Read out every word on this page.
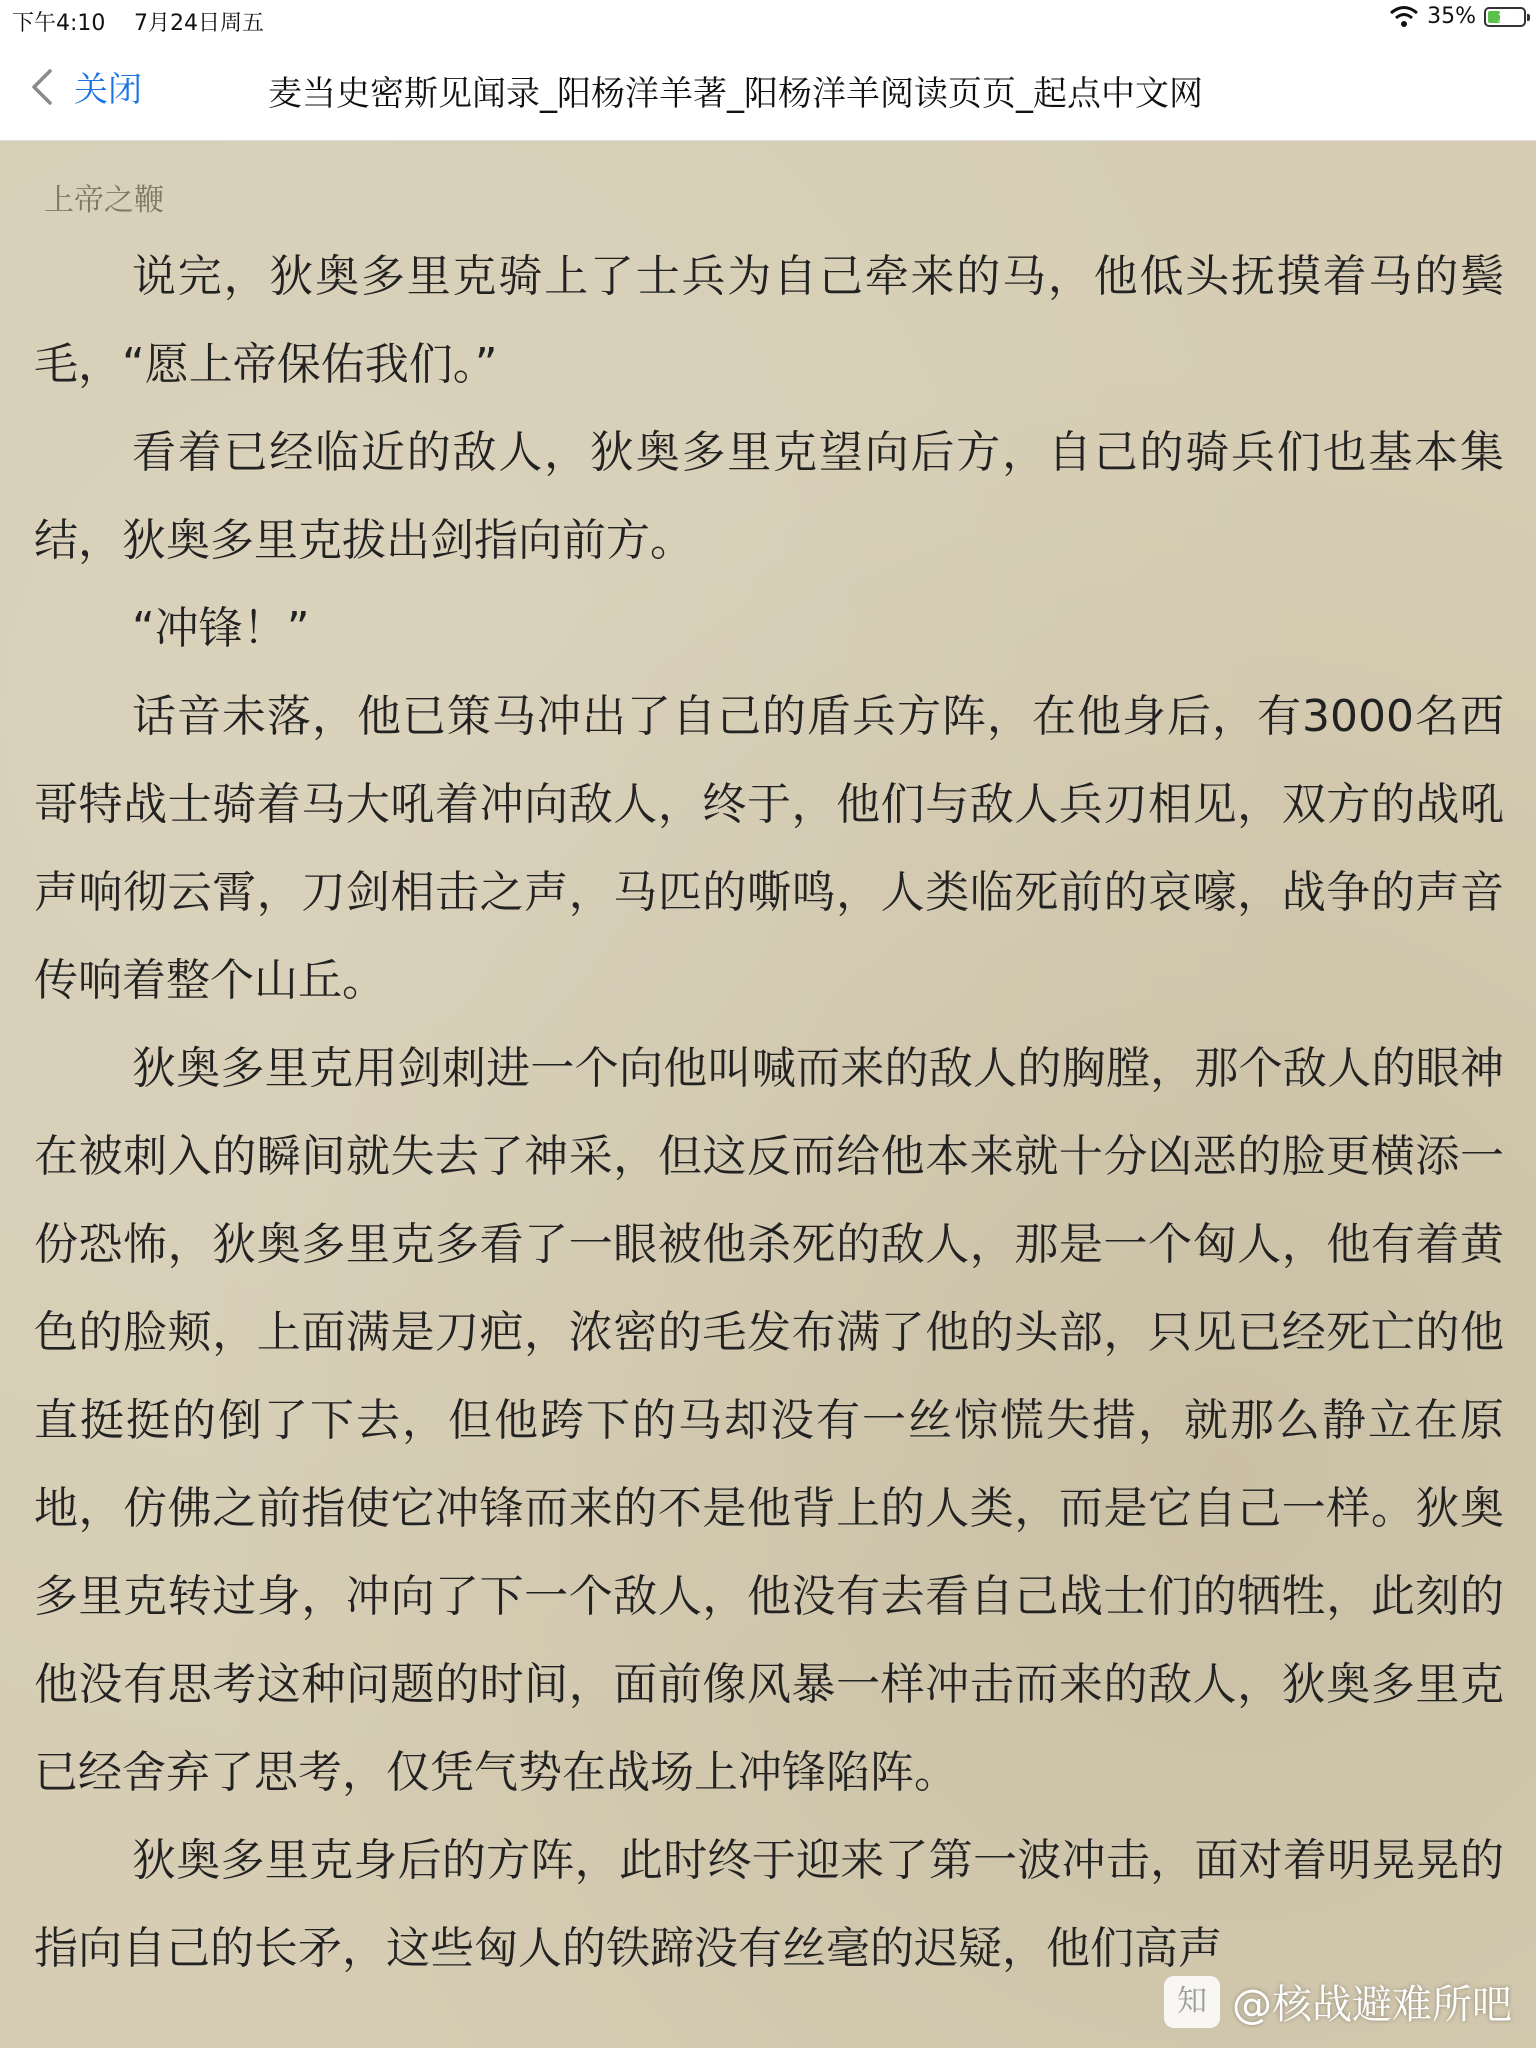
下午4:10 7月24日周五	35% ⚡
关闭	麦当史密斯见闻录_阳杨洋羊著_阳杨洋羊阅读页页_起点中文网
上帝之鞭

说完，狄奥多里克骑上了士兵为自己牵来的马，他低头抚摸着马的鬓毛，“愿上帝保佑我们。”

看着已经临近的敌人，狄奥多里克望向后方，自己的骑兵们也基本集结，狄奥多里克拔出剑指向前方。

“冲锋！”

话音未落，他已策马冲出了自己的盾兵方阵，在他身后，有3000名西哥特战士骑着马大吼着冲向敌人，终于，他们与敌人兵刃相见，双方的战吼声响彻云霄，刀剑相击之声，马匹的嘶鸣，人类临死前的哀嚎，战争的声音传响着整个山丘。

狄奥多里克用剑刺进一个向他叫喊而来的敌人的胸膛，那个敌人的眼神在被刺入的瞬间就失去了神采，但这反而给他本来就十分凶恶的脸更横添一份恐怖，狄奥多里克多看了一眼被他杀死的敌人，那是一个匈人，他有着黄色的脸颊，上面满是刀疤，浓密的毛发布满了他的头部，只见已经死亡的他直挺挺的倒了下去，但他跨下的马却没有一丝惊慌失措，就那么静立在原地，仿佛之前指使它冲锋而来的不是他背上的人类，而是它自己一样。狄奥多里克转过身，冲向了下一个敌人，他没有去看自己战士们的牺牲，此刻的他没有思考这种问题的时间，面前像风暴一样冲击而来的敌人，狄奥多里克已经舍弃了思考，仅凭气势在战场上冲锋陷阵。

狄奥多里克身后的方阵，此时终于迎来了第一波冲击，面对着明晃晃的指向自己的长矛，这些匈人的铁蹄没有丝毫的迟疑，他们高声

知 @核战避难所吧
